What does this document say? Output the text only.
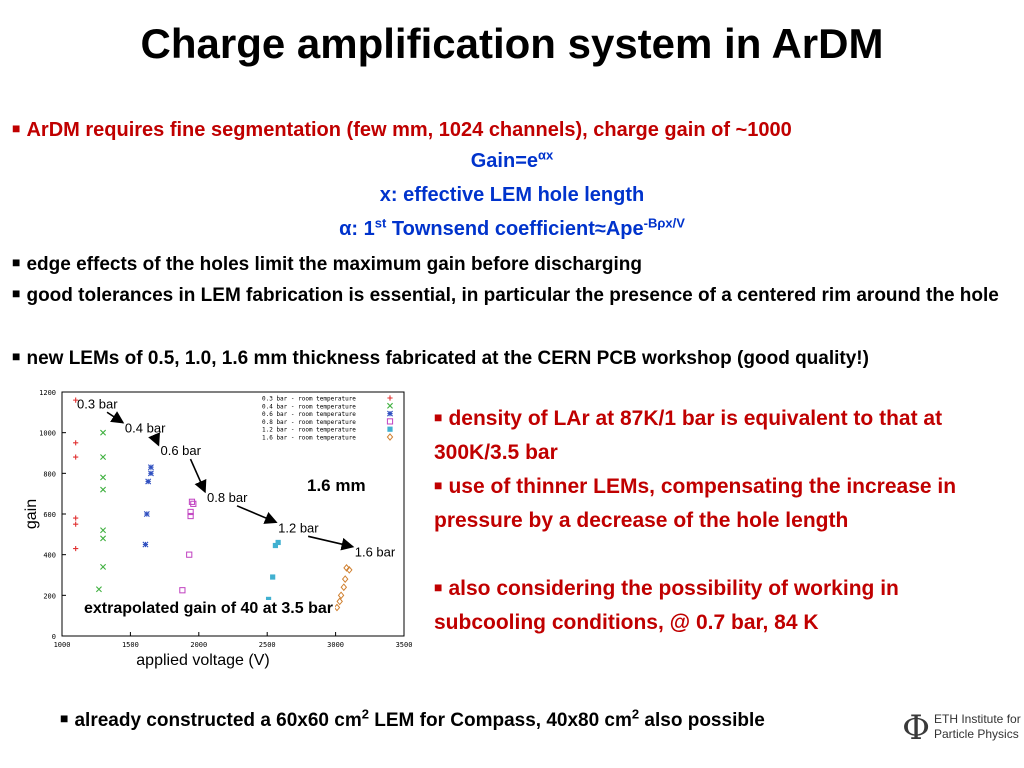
Charge amplification system in ArDM

■ ArDM requires fine segmentation (few mm, 1024 channels), charge gain of ~1000

$Gain=e^{\alpha x}$

x: effective LEM hole length

α: 1st Townsend coefficient≈Ape$^{-B\rho x/V}$

■ edge effects of the holes limit the maximum gain before discharging

■ good tolerances in LEM fabrication is essential, in particular the presence of a centered rim around the hole

■ new LEMs of 0.5, 1.0, 1.6 mm thickness fabricated at the CERN PCB workshop (good quality!)

1000	1500	2000	2500	3000	3500
0
200
400
600
800
1000
1200
applied voltage (V)
gain
0.3 bar - room temperature
0.4 bar - room temperature
0.6 bar - room temperature
0.8 bar - room temperature
1.2 bar - room temperature
1.6 bar - room temperature
0.3 bar
0.4 bar
0.6 bar
0.8 bar
1.2 bar
1.6 bar
1.6 mm
extrapolated gain of 40 at 3.5 bar

■ density of LAr at 87K/1 bar is equivalent to that at 300K/3.5 bar

■ use of thinner LEMs, compensating the increase in pressure by a decrease of the hole length

■ also considering the possibility of working in subcooling conditions, @ 0.7 bar, 84 K

■ already constructed a 60x60 $cm^2$ LEM for Compass, 40x80 $cm^2$ also possible	Φ ETH Institute for
Particle Physics
